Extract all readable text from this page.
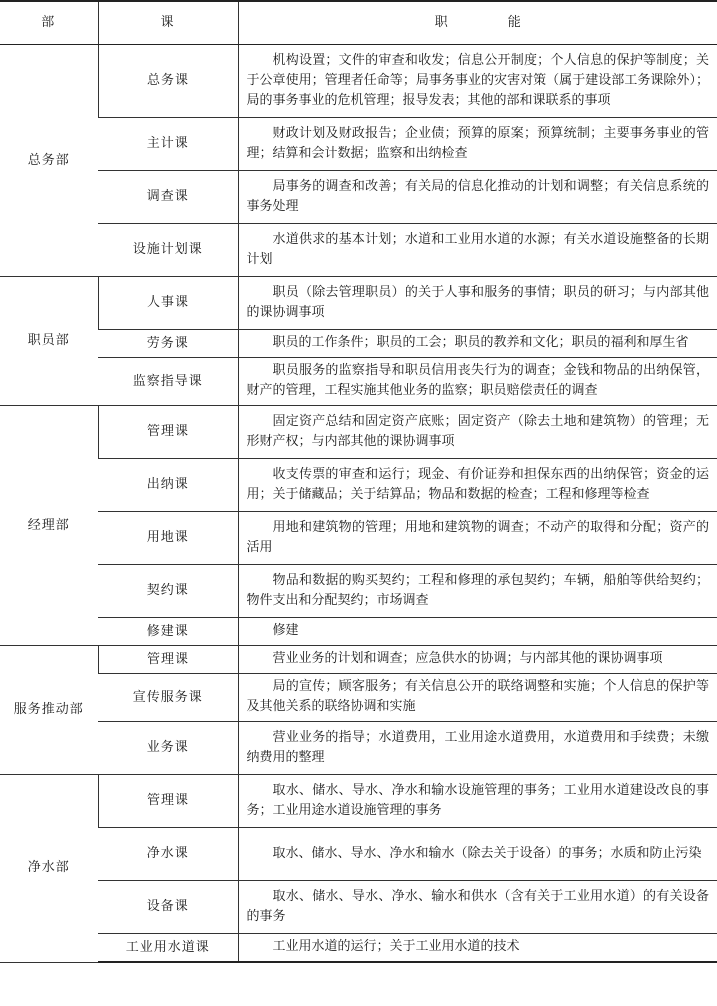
部	课	职 能
总务部	总务课	机构设置；文件的审查和收发；信息公开制度；个人信息的保护等制度；关于公章使用；管理者任命等；局事务事业的灾害对策（属于建设部工务课除外）；局的事务事业的危机管理；报导发表；其他的部和课联系的事项
	主计课	财政计划及财政报告；企业债；预算的原案；预算统制；主要事务事业的管理；结算和会计数据；监察和出纳检查
	调查课	局事务的调查和改善；有关局的信息化推动的计划和调整；有关信息系统的事务处理
	设施计划课	水道供求的基本计划；水道和工业用水道的水源；有关水道设施整备的长期计划
职员部	人事课	职员（除去管理职员）的关于人事和服务的事情；职员的研习；与内部其他的课协调事项
	劳务课	职员的工作条件；职员的工会；职员的教养和文化；职员的福利和厚生省
	监察指导课	职员服务的监察指导和职员信用丧失行为的调查；金钱和物品的出纳保管，财产的管理，工程实施其他业务的监察；职员赔偿责任的调查
经理部	管理课	固定资产总结和固定资产底账；固定资产（除去土地和建筑物）的管理；无形财产权；与内部其他的课协调事项
	出纳课	收支传票的审查和运行；现金、有价证券和担保东西的出纳保管；资金的运用；关于储藏品；关于结算品；物品和数据的检查；工程和修理等检查
	用地课	用地和建筑物的管理；用地和建筑物的调查；不动产的取得和分配；资产的活用
	契约课	物品和数据的购买契约；工程和修理的承包契约；车辆，船舶等供给契约；物件支出和分配契约；市场调查
	修建课	修建
服务推动部	管理课	营业业务的计划和调查；应急供水的协调；与内部其他的课协调事项
	宣传服务课	局的宣传；顾客服务；有关信息公开的联络调整和实施；个人信息的保护等及其他关系的联络协调和实施
	业务课	营业业务的指导；水道费用，工业用途水道费用，水道费用和手续费；未缴纳费用的整理
净水部	管理课	取水、储水、导水、净水和输水设施管理的事务；工业用水道建设改良的事务；工业用途水道设施管理的事务
	净水课	取水、储水、导水、净水和输水（除去关于设备）的事务；水质和防止污染
	设备课	取水、储水、导水、净水、输水和供水（含有关于工业用水道）的有关设备的事务
	工业用水道课	工业用水道的运行；关于工业用水道的技术
